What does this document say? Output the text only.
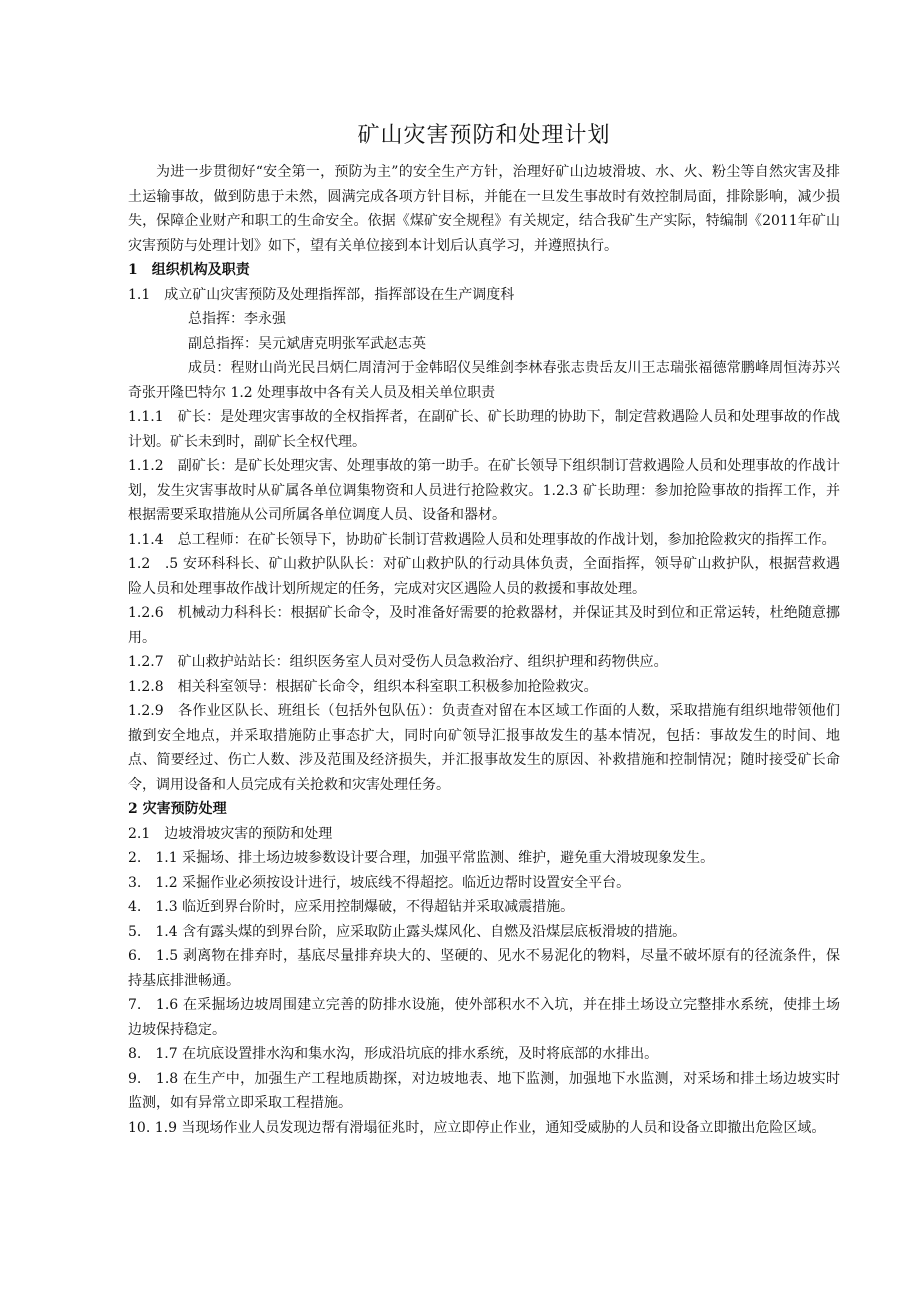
矿山灾害预防和处理计划

为进一步贯彻好“安全第一，预防为主”的安全生产方针，治理好矿山边坡滑坡、水、火、粉尘等自然灾害及排土运输事故，做到防患于未然，圆满完成各项方针目标，并能在一旦发生事故时有效控制局面，排除影响，减少损失，保障企业财产和职工的生命安全。依据《煤矿安全规程》有关规定，结合我矿生产实际，特编制《2011年矿山灾害预防与处理计划》如下，望有关单位接到本计划后认真学习，并遵照执行。

1　组织机构及职责

1.1　成立矿山灾害预防及处理指挥部，指挥部设在生产调度科

总指挥：李永强

副总指挥：吴元斌唐克明张军武赵志英

成员：程财山尚光民吕炳仁周清河于金韩昭仪吴维剑李林春张志贵岳友川王志瑞张福德常鹏峰周恒涛苏兴奇张开隆巴特尔 1.2 处理事故中各有关人员及相关单位职责

1.1.1　矿长：是处理灾害事故的全权指挥者，在副矿长、矿长助理的协助下，制定营救遇险人员和处理事故的作战计划。矿长未到时，副矿长全权代理。

1.1.2　副矿长：是矿长处理灾害、处理事故的第一助手。在矿长领导下组织制订营救遇险人员和处理事故的作战计划，发生灾害事故时从矿属各单位调集物资和人员进行抢险救灾。1.2.3 矿长助理：参加抢险事故的指挥工作，并根据需要采取措施从公司所属各单位调度人员、设备和器材。

1.1.4　总工程师：在矿长领导下，协助矿长制订营救遇险人员和处理事故的作战计划，参加抢险救灾的指挥工作。

1.2　.5 安环科科长、矿山救护队队长：对矿山救护队的行动具体负责，全面指挥，领导矿山救护队，根据营救遇险人员和处理事故作战计划所规定的任务，完成对灾区遇险人员的救援和事故处理。

1.2.6　机械动力科科长：根据矿长命令，及时准备好需要的抢救器材，并保证其及时到位和正常运转，杜绝随意挪用。

1.2.7　矿山救护站站长：组织医务室人员对受伤人员急救治疗、组织护理和药物供应。

1.2.8　相关科室领导：根据矿长命令，组织本科室职工积极参加抢险救灾。

1.2.9　各作业区队长、班组长（包括外包队伍）：负责查对留在本区域工作面的人数，采取措施有组织地带领他们撤到安全地点，并采取措施防止事态扩大，同时向矿领导汇报事故发生的基本情况，包括：事故发生的时间、地点、简要经过、伤亡人数、涉及范围及经济损失，并汇报事故发生的原因、补救措施和控制情况；随时接受矿长命令，调用设备和人员完成有关抢救和灾害处理任务。

2 灾害预防处理

2.1　边坡滑坡灾害的预防和处理

2.　1.1 采掘场、排土场边坡参数设计要合理，加强平常监测、维护，避免重大滑坡现象发生。

3.　1.2 采掘作业必须按设计进行，坡底线不得超挖。临近边帮时设置安全平台。

4.　1.3 临近到界台阶时，应采用控制爆破，不得超钻并采取减震措施。

5.　1.4 含有露头煤的到界台阶，应采取防止露头煤风化、自燃及沿煤层底板滑坡的措施。

6.　1.5 剥离物在排弃时，基底尽量排弃块大的、坚硬的、见水不易泥化的物料，尽量不破坏原有的径流条件，保持基底排泄畅通。

7.　1.6 在采掘场边坡周围建立完善的防排水设施，使外部积水不入坑，并在排土场设立完整排水系统，使排土场边坡保持稳定。

8.　1.7 在坑底设置排水沟和集水沟，形成沿坑底的排水系统，及时将底部的水排出。

9.　1.8 在生产中，加强生产工程地质勘探，对边坡地表、地下监测，加强地下水监测，对采场和排土场边坡实时监测，如有异常立即采取工程措施。

10. 1.9 当现场作业人员发现边帮有滑塌征兆时，应立即停止作业，通知受威胁的人员和设备立即撤出危险区域。
